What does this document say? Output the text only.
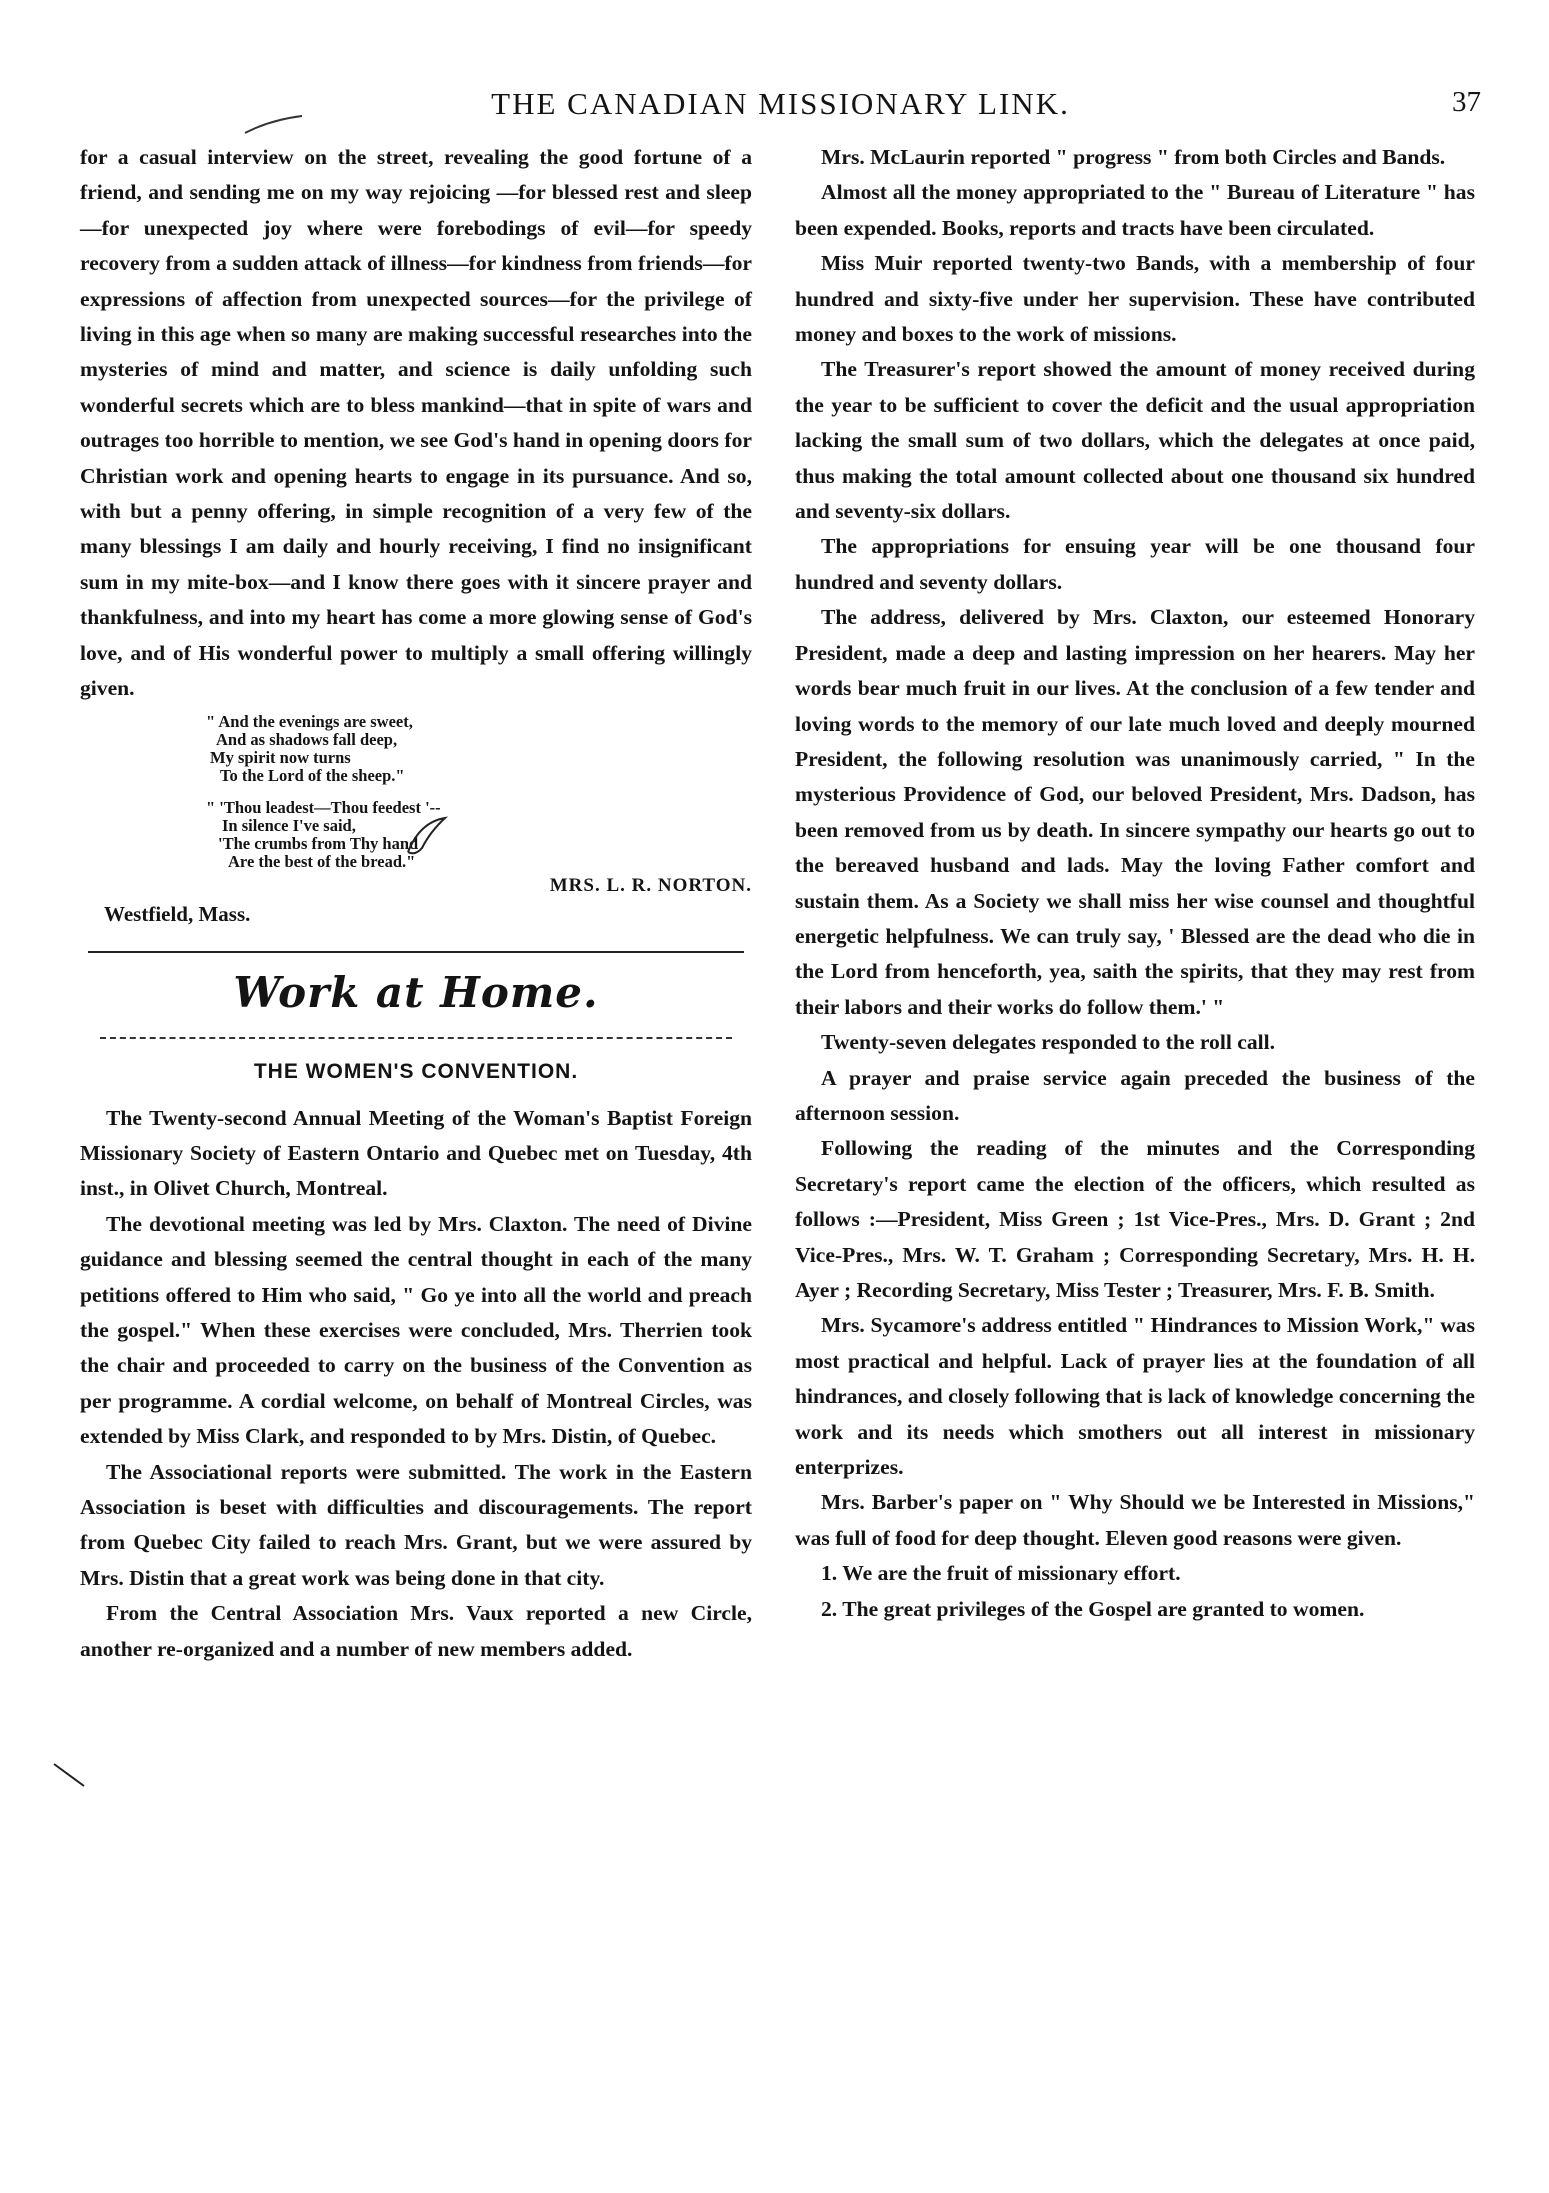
THE CANADIAN MISSIONARY LINK.	37

for a casual interview on the street, revealing the good fortune of a friend, and sending me on my way rejoicing —for blessed rest and sleep—for unexpected joy where were forebodings of evil—for speedy recovery from a sudden attack of illness—for kindness from friends—for expressions of affection from unexpected sources—for the privilege of living in this age when so many are making successful researches into the mysteries of mind and matter, and science is daily unfolding such wonderful secrets which are to bless mankind—that in spite of wars and outrages too horrible to mention, we see God's hand in opening doors for Christian work and opening hearts to engage in its pursuance. And so, with but a penny offering, in simple recognition of a very few of the many blessings I am daily and hourly receiving, I find no insignificant sum in my mite-box—and I know there goes with it sincere prayer and thankfulness, and into my heart has come a more glowing sense of God's love, and of His wonderful power to multiply a small offering willingly given.

" And the evenings are sweet,
And as shadows fall deep,
My spirit now turns
To the Lord of the sheep."
" 'Thou leadest—Thou feedest '--
In silence I've said,
'The crumbs from Thy hand
Are the best of the bread."
MRS. L. R. NORTON.
Westfield, Mass.
Work at Home.
THE WOMEN'S CONVENTION.

The Twenty-second Annual Meeting of the Woman's Baptist Foreign Missionary Society of Eastern Ontario and Quebec met on Tuesday, 4th inst., in Olivet Church, Montreal.

The devotional meeting was led by Mrs. Claxton. The need of Divine guidance and blessing seemed the central thought in each of the many petitions offered to Him who said, " Go ye into all the world and preach the gospel." When these exercises were concluded, Mrs. Therrien took the chair and proceeded to carry on the business of the Convention as per programme. A cordial welcome, on behalf of Montreal Circles, was extended by Miss Clark, and responded to by Mrs. Distin, of Quebec.

The Associational reports were submitted. The work in the Eastern Association is beset with difficulties and discouragements. The report from Quebec City failed to reach Mrs. Grant, but we were assured by Mrs. Distin that a great work was being done in that city.

From the Central Association Mrs. Vaux reported a new Circle, another re-organized and a number of new members added.

Mrs. McLaurin reported " progress " from both Circles and Bands.

Almost all the money appropriated to the " Bureau of Literature " has been expended. Books, reports and tracts have been circulated.

Miss Muir reported twenty-two Bands, with a membership of four hundred and sixty-five under her supervision. These have contributed money and boxes to the work of missions.

The Treasurer's report showed the amount of money received during the year to be sufficient to cover the deficit and the usual appropriation lacking the small sum of two dollars, which the delegates at once paid, thus making the total amount collected about one thousand six hundred and seventy-six dollars.

The appropriations for ensuing year will be one thousand four hundred and seventy dollars.

The address, delivered by Mrs. Claxton, our esteemed Honorary President, made a deep and lasting impression on her hearers. May her words bear much fruit in our lives. At the conclusion of a few tender and loving words to the memory of our late much loved and deeply mourned President, the following resolution was unanimously carried, " In the mysterious Providence of God, our beloved President, Mrs. Dadson, has been removed from us by death. In sincere sympathy our hearts go out to the bereaved husband and lads. May the loving Father comfort and sustain them. As a Society we shall miss her wise counsel and thoughtful energetic helpfulness. We can truly say, ' Blessed are the dead who die in the Lord from henceforth, yea, saith the spirits, that they may rest from their labors and their works do follow them.' "

Twenty-seven delegates responded to the roll call.

A prayer and praise service again preceded the business of the afternoon session.

Following the reading of the minutes and the Corresponding Secretary's report came the election of the officers, which resulted as follows :—President, Miss Green ; 1st Vice-Pres., Mrs. D. Grant ; 2nd Vice-Pres., Mrs. W. T. Graham ; Corresponding Secretary, Mrs. H. H. Ayer ; Recording Secretary, Miss Tester ; Treasurer, Mrs. F. B. Smith.

Mrs. Sycamore's address entitled " Hindrances to Mission Work," was most practical and helpful. Lack of prayer lies at the foundation of all hindrances, and closely following that is lack of knowledge concerning the work and its needs which smothers out all interest in missionary enterprizes.

Mrs. Barber's paper on " Why Should we be Interested in Missions," was full of food for deep thought. Eleven good reasons were given.

1. We are the fruit of missionary effort.

2. The great privileges of the Gospel are granted to women.
